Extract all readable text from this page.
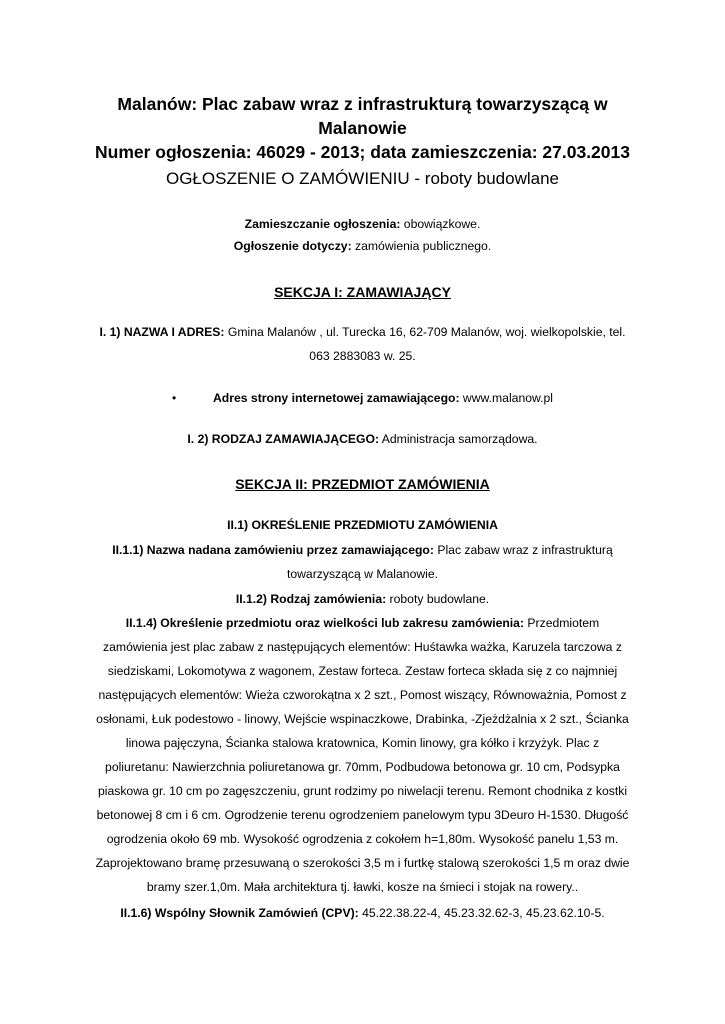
Malanów: Plac zabaw wraz z infrastrukturą towarzyszącą w
Malanowie
Numer ogłoszenia: 46029 - 2013; data zamieszczenia: 27.03.2013
OGŁOSZENIE O ZAMÓWIENIU - roboty budowlane
Zamieszczanie ogłoszenia: obowiązkowe.
Ogłoszenie dotyczy: zamówienia publicznego.
SEKCJA I: ZAMAWIAJĄCY
I. 1) NAZWA I ADRES: Gmina Malanów , ul. Turecka 16, 62-709 Malanów, woj. wielkopolskie, tel.
063 2883083 w. 25.
•	Adres strony internetowej zamawiającego: www.malanow.pl
I. 2) RODZAJ ZAMAWIAJĄCEGO: Administracja samorządowa.
SEKCJA II: PRZEDMIOT ZAMÓWIENIA
II.1) OKREŚLENIE PRZEDMIOTU ZAMÓWIENIA
II.1.1) Nazwa nadana zamówieniu przez zamawiającego: Plac zabaw wraz z infrastrukturą
towarzyszącą w Malanowie.
II.1.2) Rodzaj zamówienia: roboty budowlane.
II.1.4) Określenie przedmiotu oraz wielkości lub zakresu zamówienia: Przedmiotem
zamówienia jest plac zabaw z następujących elementów: Huśtawka ważka, Karuzela tarczowa z
siedziskami, Lokomotywa z wagonem, Zestaw forteca. Zestaw forteca składa się z co najmniej
następujących elementów: Wieża czworokątna x 2 szt., Pomost wiszący, Równoważnia, Pomost z
osłonami, Łuk podestowo - linowy, Wejście wspinaczkowe, Drabinka, -Zjeżdżalnia x 2 szt., Ścianka
linowa pajęczyna, Ścianka stalowa kratownica, Komin linowy, gra kółko i krzyżyk. Plac z
poliuretanu: Nawierzchnia poliuretanowa gr. 70mm, Podbudowa betonowa gr. 10 cm, Podsypka
piaskowa gr. 10 cm po zagęszczeniu, grunt rodzimy po niwelacji terenu. Remont chodnika z kostki
betonowej 8 cm i 6 cm. Ogrodzenie terenu ogrodzeniem panelowym typu 3Deuro H-1530. Długość
ogrodzenia około 69 mb. Wysokość ogrodzenia z cokołem h=1,80m. Wysokość panelu 1,53 m.
Zaprojektowano bramę przesuwaną o szerokości 3,5 m i furtkę stalową szerokości 1,5 m oraz dwie
bramy szer.1,0m. Mała architektura tj. ławki, kosze na śmieci i stojak na rowery..
II.1.6) Wspólny Słownik Zamówień (CPV): 45.22.38.22-4, 45.23.32.62-3, 45.23.62.10-5.
